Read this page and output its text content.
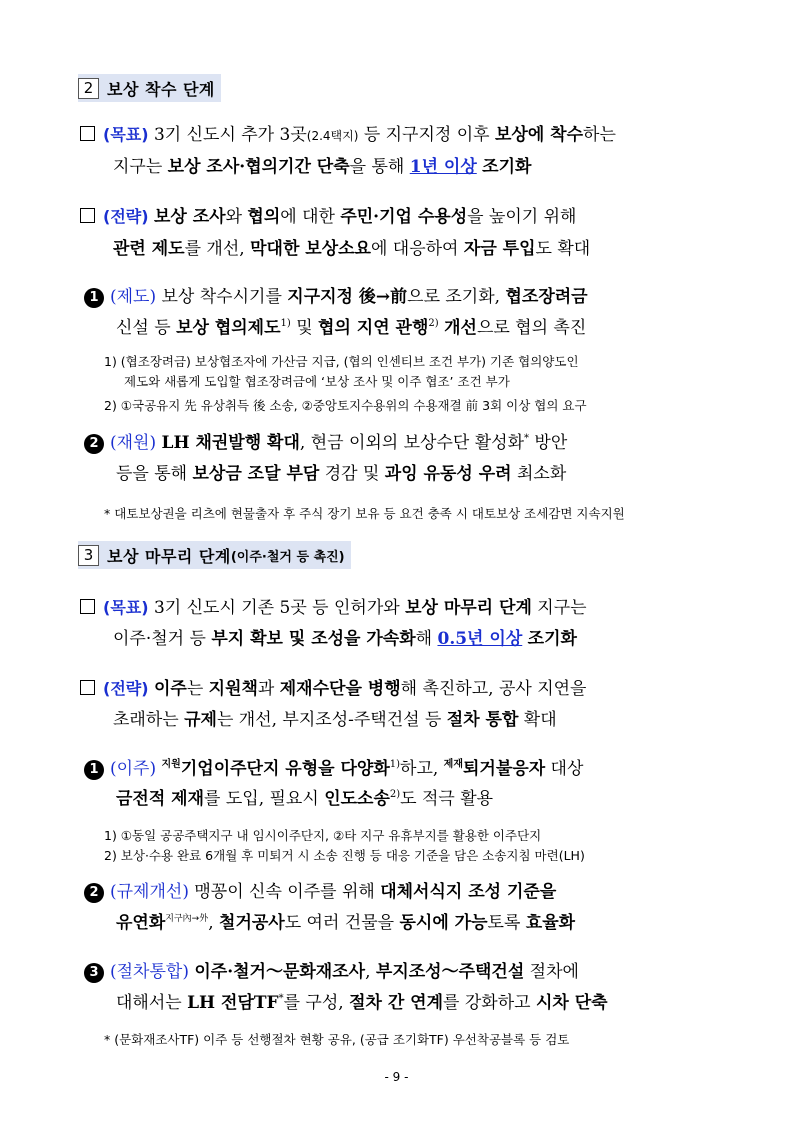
2 보상 착수 단계
(목표) 3기 신도시 추가 3곳(2.4택지) 등 지구지정 이후 보상에 착수하는
지구는 보상 조사·협의기간 단축을 통해 1년 이상 조기화
(전략) 보상 조사와 협의에 대한 주민·기업 수용성을 높이기 위해
관련 제도를 개선, 막대한 보상소요에 대응하여 자금 투입도 확대
1 (제도) 보상 착수시기를 지구지정 後→前으로 조기화, 협조장려금
신설 등 보상 협의제도$^{1)}$ 및 협의 지연 관행$^{2)}$ 개선으로 협의 촉진
1) (협조장려금) 보상협조자에 가산금 지급, (협의 인센티브 조건 부가) 기존 협의양도인
제도와 새롭게 도입할 협조장려금에 ‘보상 조사 및 이주 협조’ 조건 부가
2) ①국공유지 先 유상취득 後 소송, ②중앙토지수용위의 수용재결 前 3회 이상 협의 요구
2 (재원) LH 채권발행 확대, 현금 이외의 보상수단 활성화* 방안
등을 통해 보상금 조달 부담 경감 및 과잉 유동성 우려 최소화
* 대토보상권을 리츠에 현물출자 후 주식 장기 보유 등 요건 충족 시 대토보상 조세감면 지속지원
3 보상 마무리 단계 (이주·철거 등 촉진)
(목표) 3기 신도시 기존 5곳 등 인허가와 보상 마무리 단계 지구는
이주·철거 등 부지 확보 및 조성을 가속화해 0.5년 이상 조기화
(전략) 이주는 지원책과 제재수단을 병행해 촉진하고, 공사 지연을
초래하는 규제는 개선, 부지조성-주택건설 등 절차 통합 확대
1 (이주) $^{지원}$기업이주단지 유형을 다양화$^{1)}$하고, $^{제재}$퇴거불응자 대상
금전적 제재를 도입, 필요시 인도소송$^{2)}$도 적극 활용
1) ①동일 공공주택지구 내 임시이주단지, ②타 지구 유휴부지를 활용한 이주단지
2) 보상·수용 완료 6개월 후 미퇴거 시 소송 진행 등 대응 기준을 담은 소송지침 마련(LH)
2 (규제개선) 맹꽁이 신속 이주를 위해 대체서식지 조성 기준을
유연화$^{지구內\to 外}$, 철거공사도 여러 건물을 동시에 가능토록 효율화
3 (절차통합) 이주·철거～문화재조사, 부지조성～주택건설 절차에
대해서는 LH 전담TF*를 구성, 절차 간 연계를 강화하고 시차 단축
* (문화재조사TF) 이주 등 선행절차 현황 공유, (공급 조기화TF) 우선착공블록 등 검토
- 9 -
